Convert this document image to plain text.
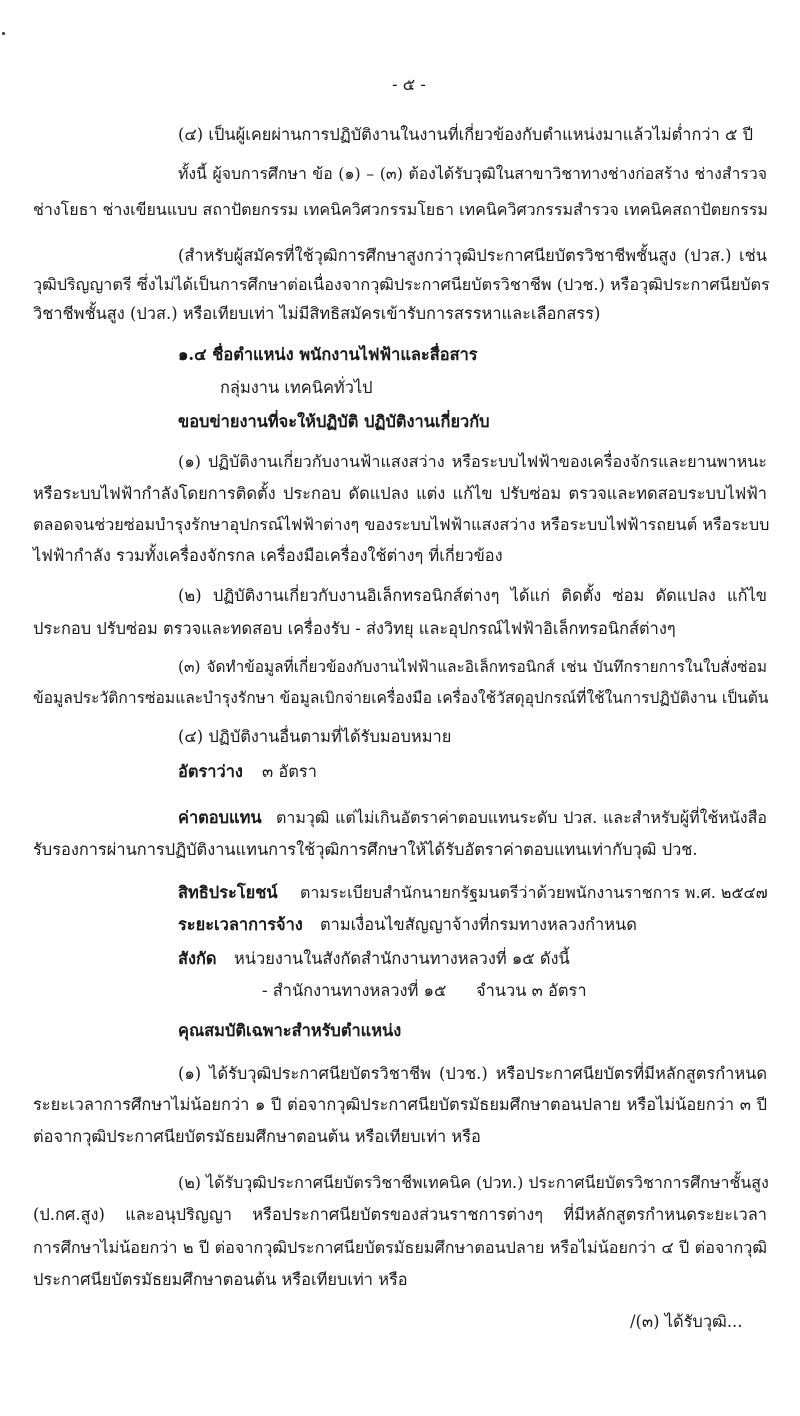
- ๕ -
(๔) เป็นผู้เคยผ่านการปฏิบัติงานในงานที่เกี่ยวข้องกับตำแหน่งมาแล้วไม่ต่ำกว่า ๕ ปี
ทั้งนี้ ผู้จบการศึกษา ข้อ (๑) – (๓) ต้องได้รับวุฒิในสาขาวิชาทางช่างก่อสร้าง ช่างสำรวจ
ช่างโยธา ช่างเขียนแบบ สถาปัตยกรรม เทคนิควิศวกรรมโยธา เทคนิควิศวกรรมสำรวจ เทคนิคสถาปัตยกรรม
(สำหรับผู้สมัครที่ใช้วุฒิการศึกษาสูงกว่าวุฒิประกาศนียบัตรวิชาชีพชั้นสูง (ปวส.) เช่น
วุฒิปริญญาตรี ซึ่งไม่ได้เป็นการศึกษาต่อเนื่องจากวุฒิประกาศนียบัตรวิชาชีพ (ปวช.) หรือวุฒิประกาศนียบัตร
วิชาชีพชั้นสูง (ปวส.) หรือเทียบเท่า ไม่มีสิทธิสมัครเข้ารับการสรรหาและเลือกสรร)
๑.๔ ชื่อตำแหน่ง พนักงานไฟฟ้าและสื่อสาร
กลุ่มงาน เทคนิคทั่วไป
ขอบข่ายงานที่จะให้ปฏิบัติ ปฏิบัติงานเกี่ยวกับ
(๑) ปฏิบัติงานเกี่ยวกับงานฟ้าแสงสว่าง หรือระบบไฟฟ้าของเครื่องจักรและยานพาหนะ
หรือระบบไฟฟ้ากำลังโดยการติดตั้ง ประกอบ ดัดแปลง แต่ง แก้ไข ปรับซ่อม ตรวจและทดสอบระบบไฟฟ้า
ตลอดจนช่วยซ่อมบำรุงรักษาอุปกรณ์ไฟฟ้าต่างๆ ของระบบไฟฟ้าแสงสว่าง หรือระบบไฟฟ้ารถยนต์ หรือระบบ
ไฟฟ้ากำลัง รวมทั้งเครื่องจักรกล เครื่องมือเครื่องใช้ต่างๆ ที่เกี่ยวข้อง
(๒) ปฏิบัติงานเกี่ยวกับงานอิเล็กทรอนิกส์ต่างๆ ได้แก่ ติดตั้ง ซ่อม ดัดแปลง แก้ไข
ประกอบ ปรับซ่อม ตรวจและทดสอบ เครื่องรับ - ส่งวิทยุ และอุปกรณ์ไฟฟ้าอิเล็กทรอนิกส์ต่างๆ
(๓) จัดทำข้อมูลที่เกี่ยวข้องกับงานไฟฟ้าและอิเล็กทรอนิกส์ เช่น บันทึกรายการในใบสั่งซ่อม
ข้อมูลประวัติการซ่อมและบำรุงรักษา ข้อมูลเบิกจ่ายเครื่องมือ เครื่องใช้วัสดุอุปกรณ์ที่ใช้ในการปฏิบัติงาน เป็นต้น
(๔) ปฏิบัติงานอื่นตามที่ได้รับมอบหมาย
อัตราว่าง ๓ อัตรา
ค่าตอบแทน ตามวุฒิ แต่ไม่เกินอัตราค่าตอบแทนระดับ ปวส. และสำหรับผู้ที่ใช้หนังสือ
รับรองการผ่านการปฏิบัติงานแทนการใช้วุฒิการศึกษาให้ได้รับอัตราค่าตอบแทนเท่ากับวุฒิ ปวช.
สิทธิประโยชน์ ตามระเบียบสำนักนายกรัฐมนตรีว่าด้วยพนักงานราชการ พ.ศ. ๒๕๔๗
ระยะเวลาการจ้าง ตามเงื่อนไขสัญญาจ้างที่กรมทางหลวงกำหนด
สังกัด หน่วยงานในสังกัดสำนักงานทางหลวงที่ ๑๕ ดังนี้
- สำนักงานทางหลวงที่ ๑๕ จำนวน ๓ อัตรา
คุณสมบัติเฉพาะสำหรับตำแหน่ง
(๑) ได้รับวุฒิประกาศนียบัตรวิชาชีพ (ปวช.) หรือประกาศนียบัตรที่มีหลักสูตรกำหนด
ระยะเวลาการศึกษาไม่น้อยกว่า ๑ ปี ต่อจากวุฒิประกาศนียบัตรมัธยมศึกษาตอนปลาย หรือไม่น้อยกว่า ๓ ปี
ต่อจากวุฒิประกาศนียบัตรมัธยมศึกษาตอนต้น หรือเทียบเท่า หรือ
(๒) ได้รับวุฒิประกาศนียบัตรวิชาชีพเทคนิค (ปวท.) ประกาศนียบัตรวิชาการศึกษาชั้นสูง
(ป.กศ.สูง) และอนุปริญญา หรือประกาศนียบัตรของส่วนราชการต่างๆ ที่มีหลักสูตรกำหนดระยะเวลา
การศึกษาไม่น้อยกว่า ๒ ปี ต่อจากวุฒิประกาศนียบัตรมัธยมศึกษาตอนปลาย หรือไม่น้อยกว่า ๔ ปี ต่อจากวุฒิ
ประกาศนียบัตรมัธยมศึกษาตอนต้น หรือเทียบเท่า หรือ
/(๓) ได้รับวุฒิ...
